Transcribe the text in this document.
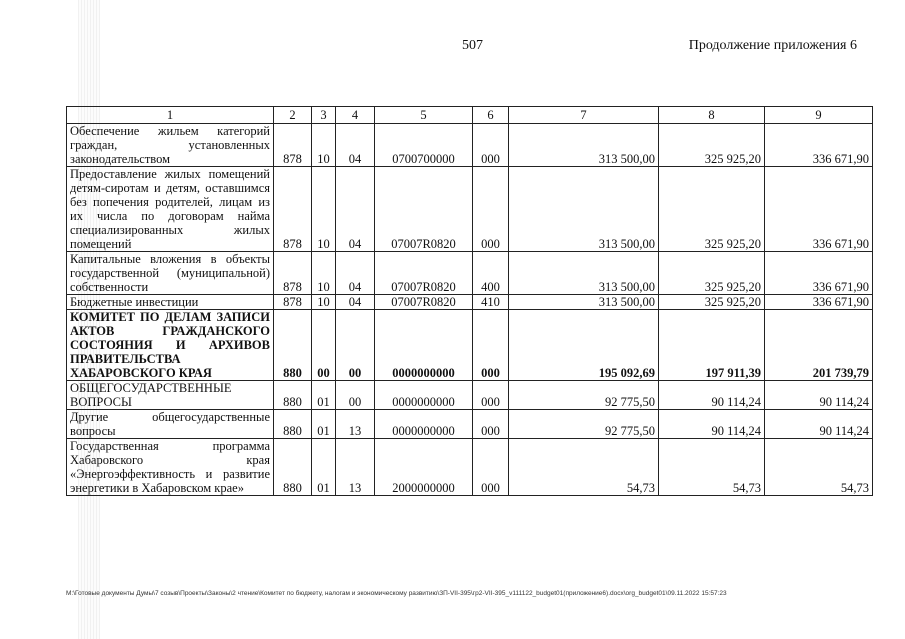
507	Продолжение приложения 6
1	2	3	4	5	6	7	8	9
Обеспечение жильем категорий граждан, установленных законодательством	878	10	04	0700700000	000	313 500,00	325 925,20	336 671,90
Предоставление жилых помещений детям-сиротам и детям, оставшимся без попечения родителей, лицам из их числа по договорам найма специализированных жилых помещений	878	10	04	07007R0820	000	313 500,00	325 925,20	336 671,90
Капитальные вложения в объекты государственной (муниципальной) собственности	878	10	04	07007R0820	400	313 500,00	325 925,20	336 671,90
Бюджетные инвестиции	878	10	04	07007R0820	410	313 500,00	325 925,20	336 671,90
КОМИТЕТ ПО ДЕЛАМ ЗАПИСИ АКТОВ ГРАЖДАНСКОГО СОСТОЯНИЯ И АРХИВОВ ПРАВИТЕЛЬСТВА ХАБАРОВСКОГО КРАЯ	880	00	00	0000000000	000	195 092,69	197 911,39	201 739,79
ОБЩЕГОСУДАРСТВЕННЫЕ ВОПРОСЫ	880	01	00	0000000000	000	92 775,50	90 114,24	90 114,24
Другие общегосударственные вопросы	880	01	13	0000000000	000	92 775,50	90 114,24	90 114,24
Государственная программа Хабаровского края «Энергоэффективность и развитие энергетики в Хабаровском крае»	880	01	13	2000000000	000	54,73	54,73	54,73
М:\Готовые документы Думы\7 созыв\Проекты\Законы\2 чтение\Комитет по бюджету, налогам и экономическому развитию\ЗП-VII-395\гр2-VII-395_v111122_budget01(приложение6).docx\org_budget01\09.11.2022 15:57:23
